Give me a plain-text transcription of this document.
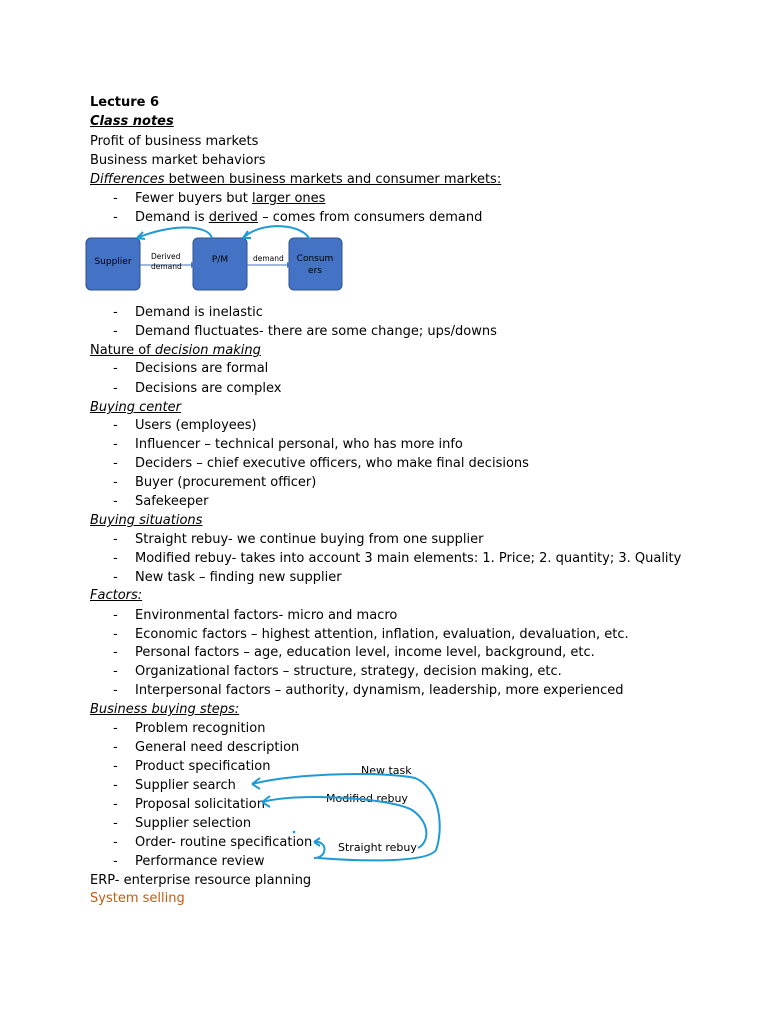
Lecture 6
Class notes
Profit of business markets
Business market behaviors
Differences between business markets and consumer markets:
- Fewer buyers but larger ones
- Demand is derived – comes from consumers demand
Supplier	P/M	Consum
ers
Derived
demand
demand
- Demand is inelastic
- Demand fluctuates- there are some change; ups/downs
Nature of decision making
- Decisions are formal
- Decisions are complex
Buying center
- Users (employees)
- Influencer – technical personal, who has more info
- Deciders – chief executive officers, who make final decisions
- Buyer (procurement officer)
- Safekeeper
Buying situations
- Straight rebuy- we continue buying from one supplier
- Modified rebuy- takes into account 3 main elements: 1. Price; 2. quantity; 3. Quality
- New task – finding new supplier
Factors:
- Environmental factors- micro and macro
- Economic factors – highest attention, inflation, evaluation, devaluation, etc.
- Personal factors – age, education level, income level, background, etc.
- Organizational factors – structure, strategy, decision making, etc.
- Interpersonal factors – authority, dynamism, leadership, more experienced
Business buying steps:
- Problem recognition
- General need description
- Product specification
- Supplier search
- Proposal solicitation
- Supplier selection
- Order- routine specification
- Performance review
New task
Modified rebuy
Straight rebuy
ERP- enterprise resource planning
System selling
